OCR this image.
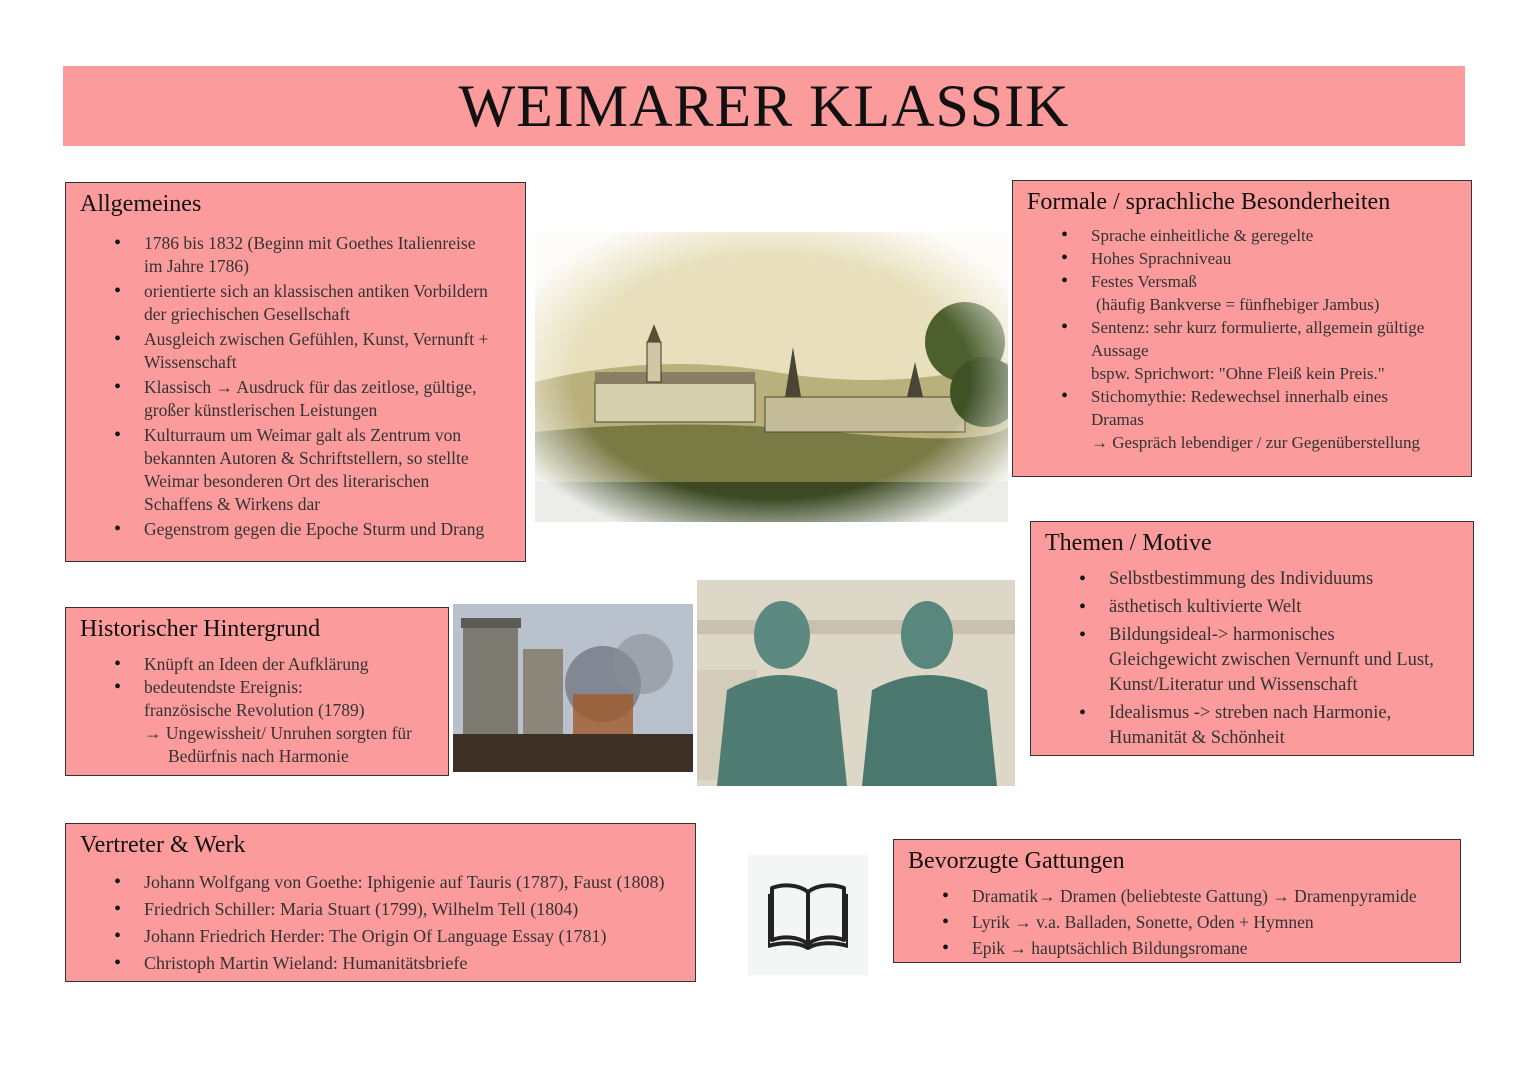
WEIMARER KLASSIK
Allgemeines
• 1786 bis 1832 (Beginn mit Goethes Italienreise
im Jahre 1786)
• orientierte sich an klassischen antiken Vorbildern
der griechischen Gesellschaft
• Ausgleich zwischen Gefühlen, Kunst, Vernunft +
Wissenschaft
• Klassisch → Ausdruck für das zeitlose, gültige,
großer künstlerischen Leistungen
• Kulturraum um Weimar galt als Zentrum von
bekannten Autoren & Schriftstellern, so stellte
Weimar besonderen Ort des literarischen
Schaffens & Wirkens dar
• Gegenstrom gegen die Epoche Sturm und Drang
Historischer Hintergrund
• Knüpft an Ideen der Aufklärung
• bedeutendste Ereignis:
französische Revolution (1789)
→ Ungewissheit/ Unruhen sorgten für
Bedürfnis nach Harmonie
Vertreter & Werk
• Johann Wolfgang von Goethe: Iphigenie auf Tauris (1787), Faust (1808)
• Friedrich Schiller: Maria Stuart (1799), Wilhelm Tell (1804)
• Johann Friedrich Herder: The Origin Of Language Essay (1781)
• Christoph Martin Wieland: Humanitätsbriefe
Formale / sprachliche Besonderheiten
• Sprache einheitliche & geregelte
• Hohes Sprachniveau
• Festes Versmaß
(häufig Bankverse = fünfhebiger Jambus)
• Sentenz: sehr kurz formulierte, allgemein gültige
Aussage
bspw. Sprichwort: "Ohne Fleiß kein Preis."
• Stichomythie: Redewechsel innerhalb eines
Dramas
→ Gespräch lebendiger / zur Gegenüberstellung
Themen / Motive
• Selbstbestimmung des Individuums
• ästhetisch kultivierte Welt
• Bildungsideal-> harmonisches
Gleichgewicht zwischen Vernunft und Lust,
Kunst/Literatur und Wissenschaft
• Idealismus -> streben nach Harmonie,
Humanität & Schönheit
Bevorzugte Gattungen
• Dramatik→ Dramen (beliebteste Gattung) → Dramenpyramide
• Lyrik → v.a. Balladen, Sonette, Oden + Hymnen
• Epik → hauptsächlich Bildungsromane
